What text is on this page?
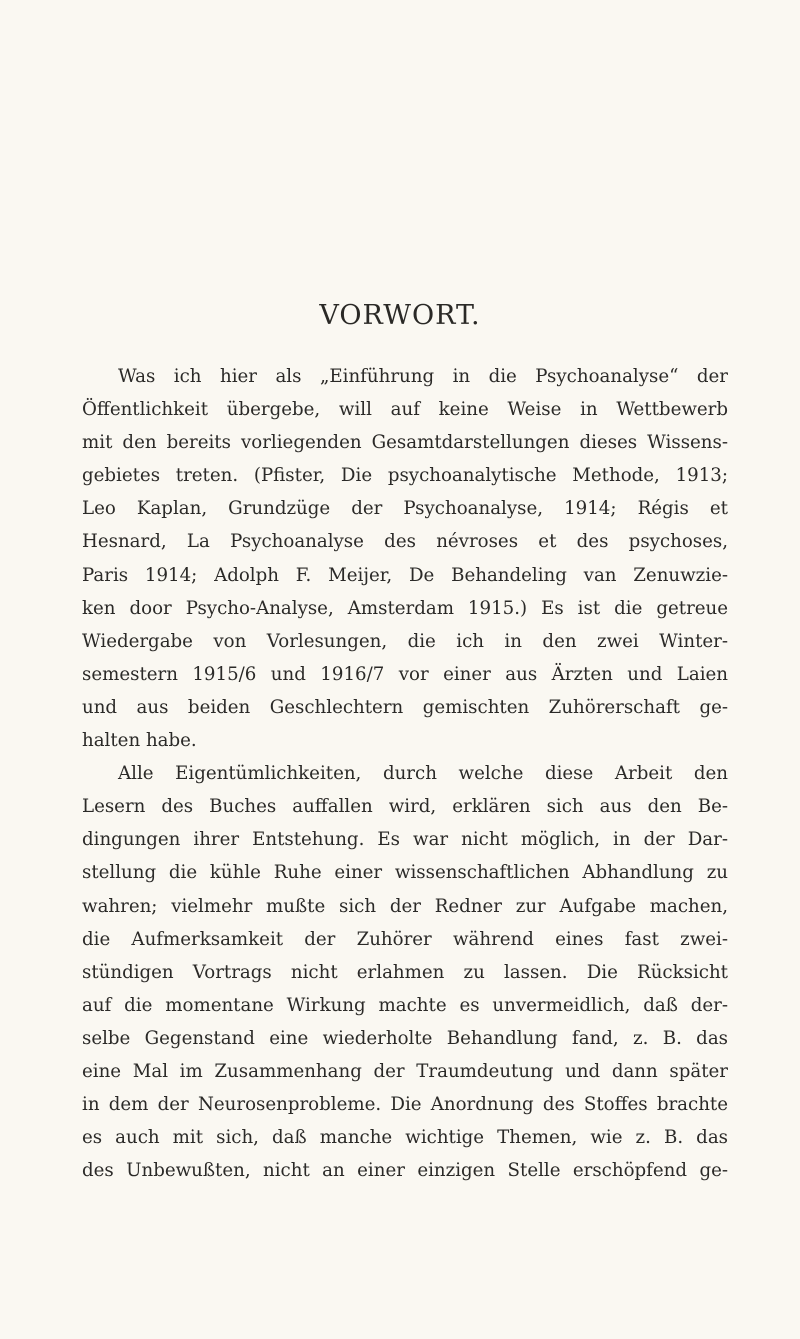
VORWORT.
Was ich hier als „Einführung in die Psychoanalyse“ der
Öffentlichkeit übergebe, will auf keine Weise in Wettbewerb
mit den bereits vorliegenden Gesamtdarstellungen dieses Wissens-
gebietes treten. (Pfister, Die psychoanalytische Methode, 1913;
Leo Kaplan, Grundzüge der Psychoanalyse, 1914; Régis et
Hesnard, La Psychoanalyse des névroses et des psychoses,
Paris 1914; Adolph F. Meijer, De Behandeling van Zenuwzie-
ken door Psycho-Analyse, Amsterdam 1915.) Es ist die getreue
Wiedergabe von Vorlesungen, die ich in den zwei Winter-
semestern 1915/6 und 1916/7 vor einer aus Ärzten und Laien
und aus beiden Geschlechtern gemischten Zuhörerschaft ge-
halten habe.
Alle Eigentümlichkeiten, durch welche diese Arbeit den
Lesern des Buches auffallen wird, erklären sich aus den Be-
dingungen ihrer Entstehung. Es war nicht möglich, in der Dar-
stellung die kühle Ruhe einer wissenschaftlichen Abhandlung zu
wahren; vielmehr mußte sich der Redner zur Aufgabe machen,
die Aufmerksamkeit der Zuhörer während eines fast zwei-
stündigen Vortrags nicht erlahmen zu lassen. Die Rücksicht
auf die momentane Wirkung machte es unvermeidlich, daß der-
selbe Gegenstand eine wiederholte Behandlung fand, z. B. das
eine Mal im Zusammenhang der Traumdeutung und dann später
in dem der Neurosenprobleme. Die Anordnung des Stoffes brachte
es auch mit sich, daß manche wichtige Themen, wie z. B. das
des Unbewußten, nicht an einer einzigen Stelle erschöpfend ge-
